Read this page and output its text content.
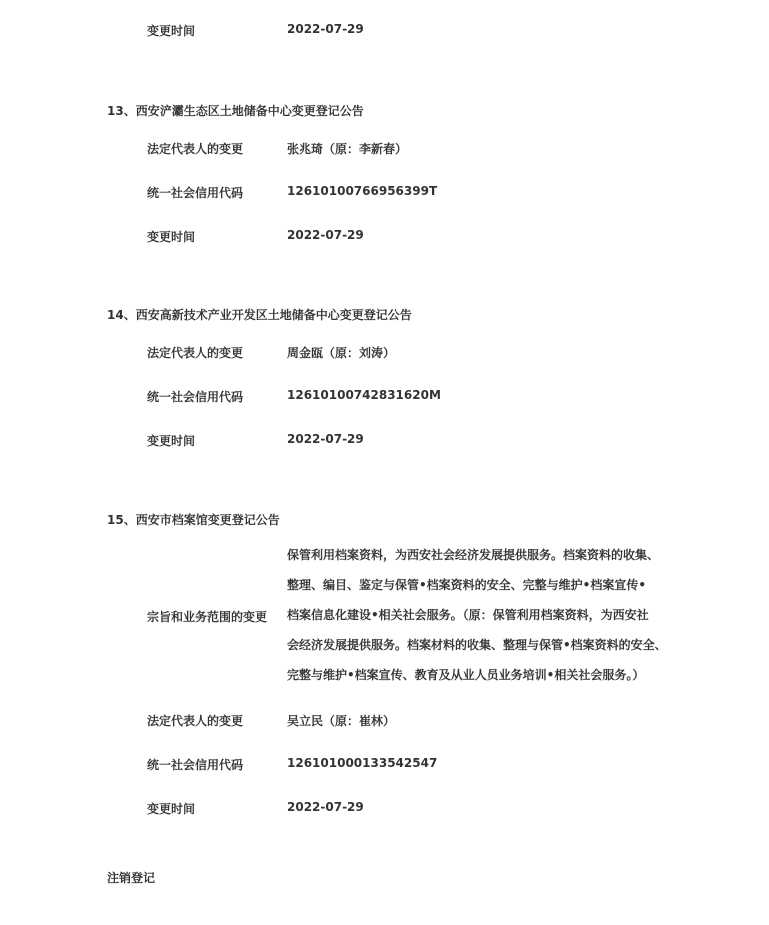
变更时间	2022-07-29
13、西安浐灞生态区土地储备中心变更登记公告
法定代表人的变更	张兆琦（原：李新春）
统一社会信用代码	12610100766956399T
变更时间	2022-07-29
14、西安高新技术产业开发区土地储备中心变更登记公告
法定代表人的变更	周金瓯（原：刘涛）
统一社会信用代码	12610100742831620M
变更时间	2022-07-29
15、西安市档案馆变更登记公告
宗旨和业务范围的变更
保管利用档案资料，为西安社会经济发展提供服务。档案资料的收集、
整理、编目、鉴定与保管•档案资料的安全、完整与维护•档案宣传•
档案信息化建设•相关社会服务。（原：保管利用档案资料，为西安社
会经济发展提供服务。档案材料的收集、整理与保管•档案资料的安全、
完整与维护•档案宣传、教育及从业人员业务培训•相关社会服务。）
法定代表人的变更	吴立民（原：崔林）
统一社会信用代码	126101000133542547
变更时间	2022-07-29
注销登记
